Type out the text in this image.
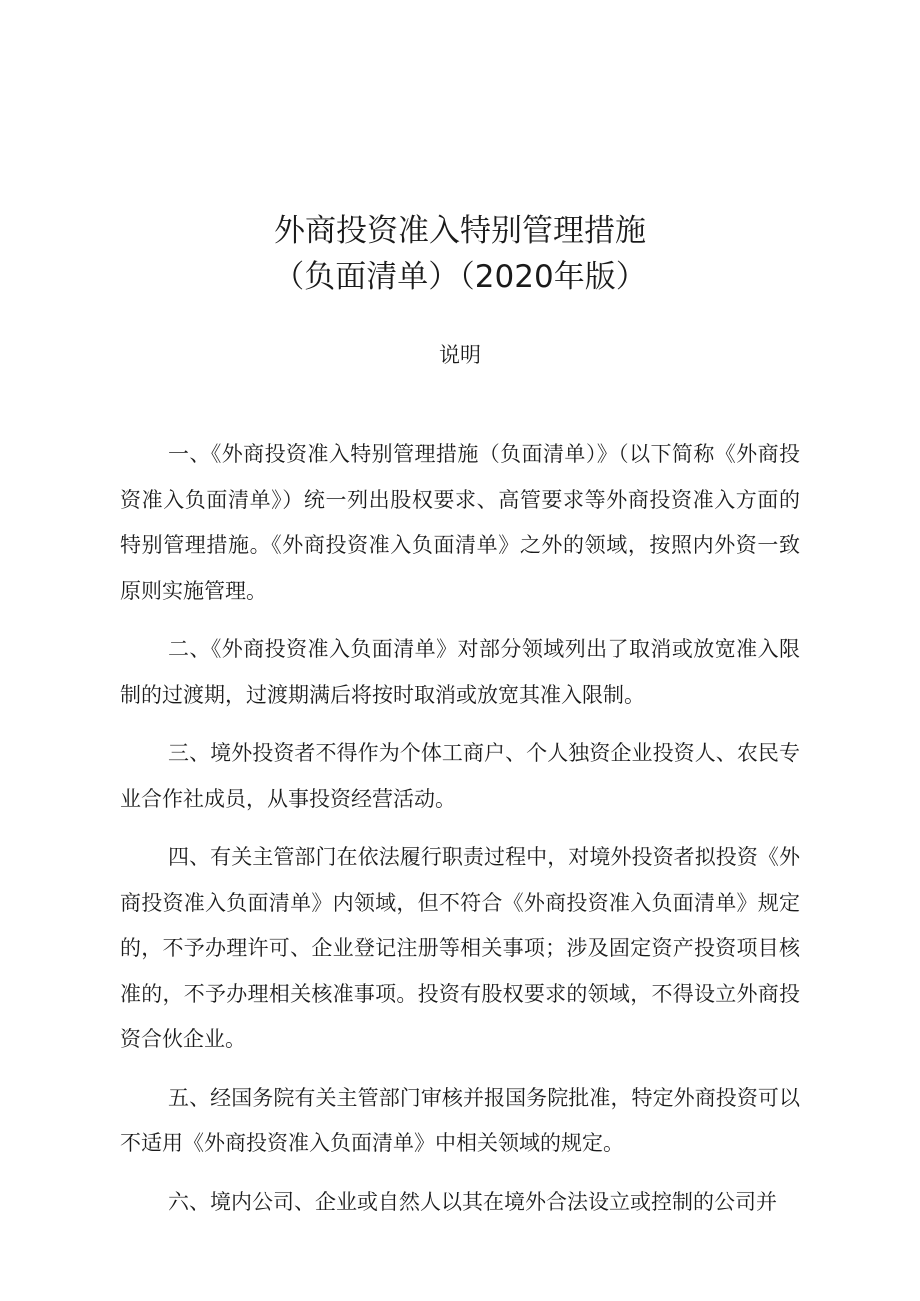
外商投资准入特别管理措施
（负面清单）（2020年版）
说明

一、《外商投资准入特别管理措施（负面清单）》（以下简称《外商投资准入负面清单》）统一列出股权要求、高管要求等外商投资准入方面的特别管理措施。《外商投资准入负面清单》之外的领域，按照内外资一致原则实施管理。

二、《外商投资准入负面清单》对部分领域列出了取消或放宽准入限制的过渡期，过渡期满后将按时取消或放宽其准入限制。

三、境外投资者不得作为个体工商户、个人独资企业投资人、农民专业合作社成员，从事投资经营活动。

四、有关主管部门在依法履行职责过程中，对境外投资者拟投资《外商投资准入负面清单》内领域，但不符合《外商投资准入负面清单》规定的，不予办理许可、企业登记注册等相关事项；涉及固定资产投资项目核准的，不予办理相关核准事项。投资有股权要求的领域，不得设立外商投资合伙企业。

五、经国务院有关主管部门审核并报国务院批准，特定外商投资可以不适用《外商投资准入负面清单》中相关领域的规定。

六、境内公司、企业或自然人以其在境外合法设立或控制的公司并
